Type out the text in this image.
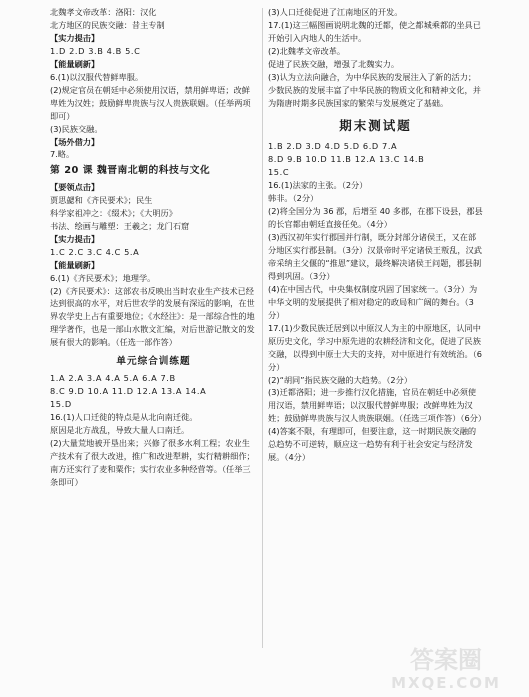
北魏孝文帝改革：洛阳：汉化

北方地区的民族交融：昔主专制

【实力提击】

1.D 2.D 3.B 4.B 5.C

【能量刷新】

6.(1)以汉服代替鲜卑服。

(2)规定官员在朝廷中必须使用汉语，禁用鲜卑语；改鲜卑姓为汉姓；鼓励鲜卑贵族与汉人贵族联姻。（任举两项即可）

(3)民族交融。

【场外借力】

7.略。

第 20 课 魏晋南北朝的科技与文化

【要领点击】

贾思勰和《齐民要术》；民生

科学家祖冲之：《缀术》；《大明历》

书法、绘画与雕塑：王羲之；龙门石窟

【实力提击】

1.C 2.C 3.C 4.C 5.A

【能量刷新】

6.(1)《齐民要术》；地理学。

(2)《齐民要术》：这部农书反映出当时农业生产技术已经达到很高的水平，对后世农学的发展有深远的影响，在世界农学史上占有重要地位；《水经注》：是一部综合性的地理学著作，也是一部山水散文汇编，对后世游记散文的发展有很大的影响。（任选一部作答）

单元综合训练题

1.A 2.A 3.A 4.A 5.A 6.A 7.B

8.C 9.D 10.A 11.D 12.A 13.A 14.A

15.D

16.(1)人口迁徙的特点是从北向南迁徙。

原因是北方战乱，导致大量人口南迁。

(2)大量荒地被开垦出来；兴修了很多水利工程；农业生产技术有了很大改进，推广和改进犁耕，实行精耕细作；南方还实行了麦和粟作；实行农业多种经营等。（任举三条即可）

(3)人口迁徙促进了江南地区的开发。

17.(1)这三幅图画说明北魏的迁都，使之都城乘都的坐具已开始引入内地人的生活中。

(2)北魏孝文帝改革。

促进了民族交融，增强了北魏实力。

(3)认为立法向融合，为中华民族的发展注入了新的活力；少数民族的发展丰富了中华民族的物质文化和精神文化，并为隋唐时期多民族国家的繁荣与发展奠定了基础。

期末测试题

1.B 2.D 3.D 4.D 5.D 6.D 7.A

8.D 9.B 10.D 11.B 12.A 13.C 14.B

15.C

16.(1)法家的主张。（2分）

韩非。（2分）

(2)将全国分为 36 郡，后增至 40 多郡，在郡下设县，郡县的长官都由朝廷直接任免。（4分）

(3)西汉初年实行郡国并行制，既分封部分诸侯王，又在部分地区实行郡县制。（3分）汉景帝时平定诸侯王叛乱，汉武帝采纳主父偃的“推恩”建议，最终解决诸侯王问题，郡县制得到巩固。（3分）

(4)在中国古代，中央集权制度巩固了国家统一。（3分）为中华文明的发展提供了相对稳定的政局和广阔的舞台。（3分）

17.(1)少数民族迁居到以中原汉人为主的中原地区，认同中原历史文化，学习中原先进的农耕经济和文化，促进了民族交融，以得到中原士大夫的支持，对中原进行有效统治。（6分）

(2)“胡同”指民族交融的大趋势。（2分）

(3)迁都洛阳；进一步推行汉化措施，官员在朝廷中必须使用汉语，禁用鲜卑语；以汉服代替鲜卑服；改鲜卑姓为汉姓；鼓励鲜卑贵族与汉人贵族联姻。（任选三项作答）（6分）

(4)答案不限，有理即可，但要注意，这一时期民族交融的总趋势不可逆转，顺应这一趋势有利于社会安定与经济发展。（4分）

答案圈
MXQE.COM
